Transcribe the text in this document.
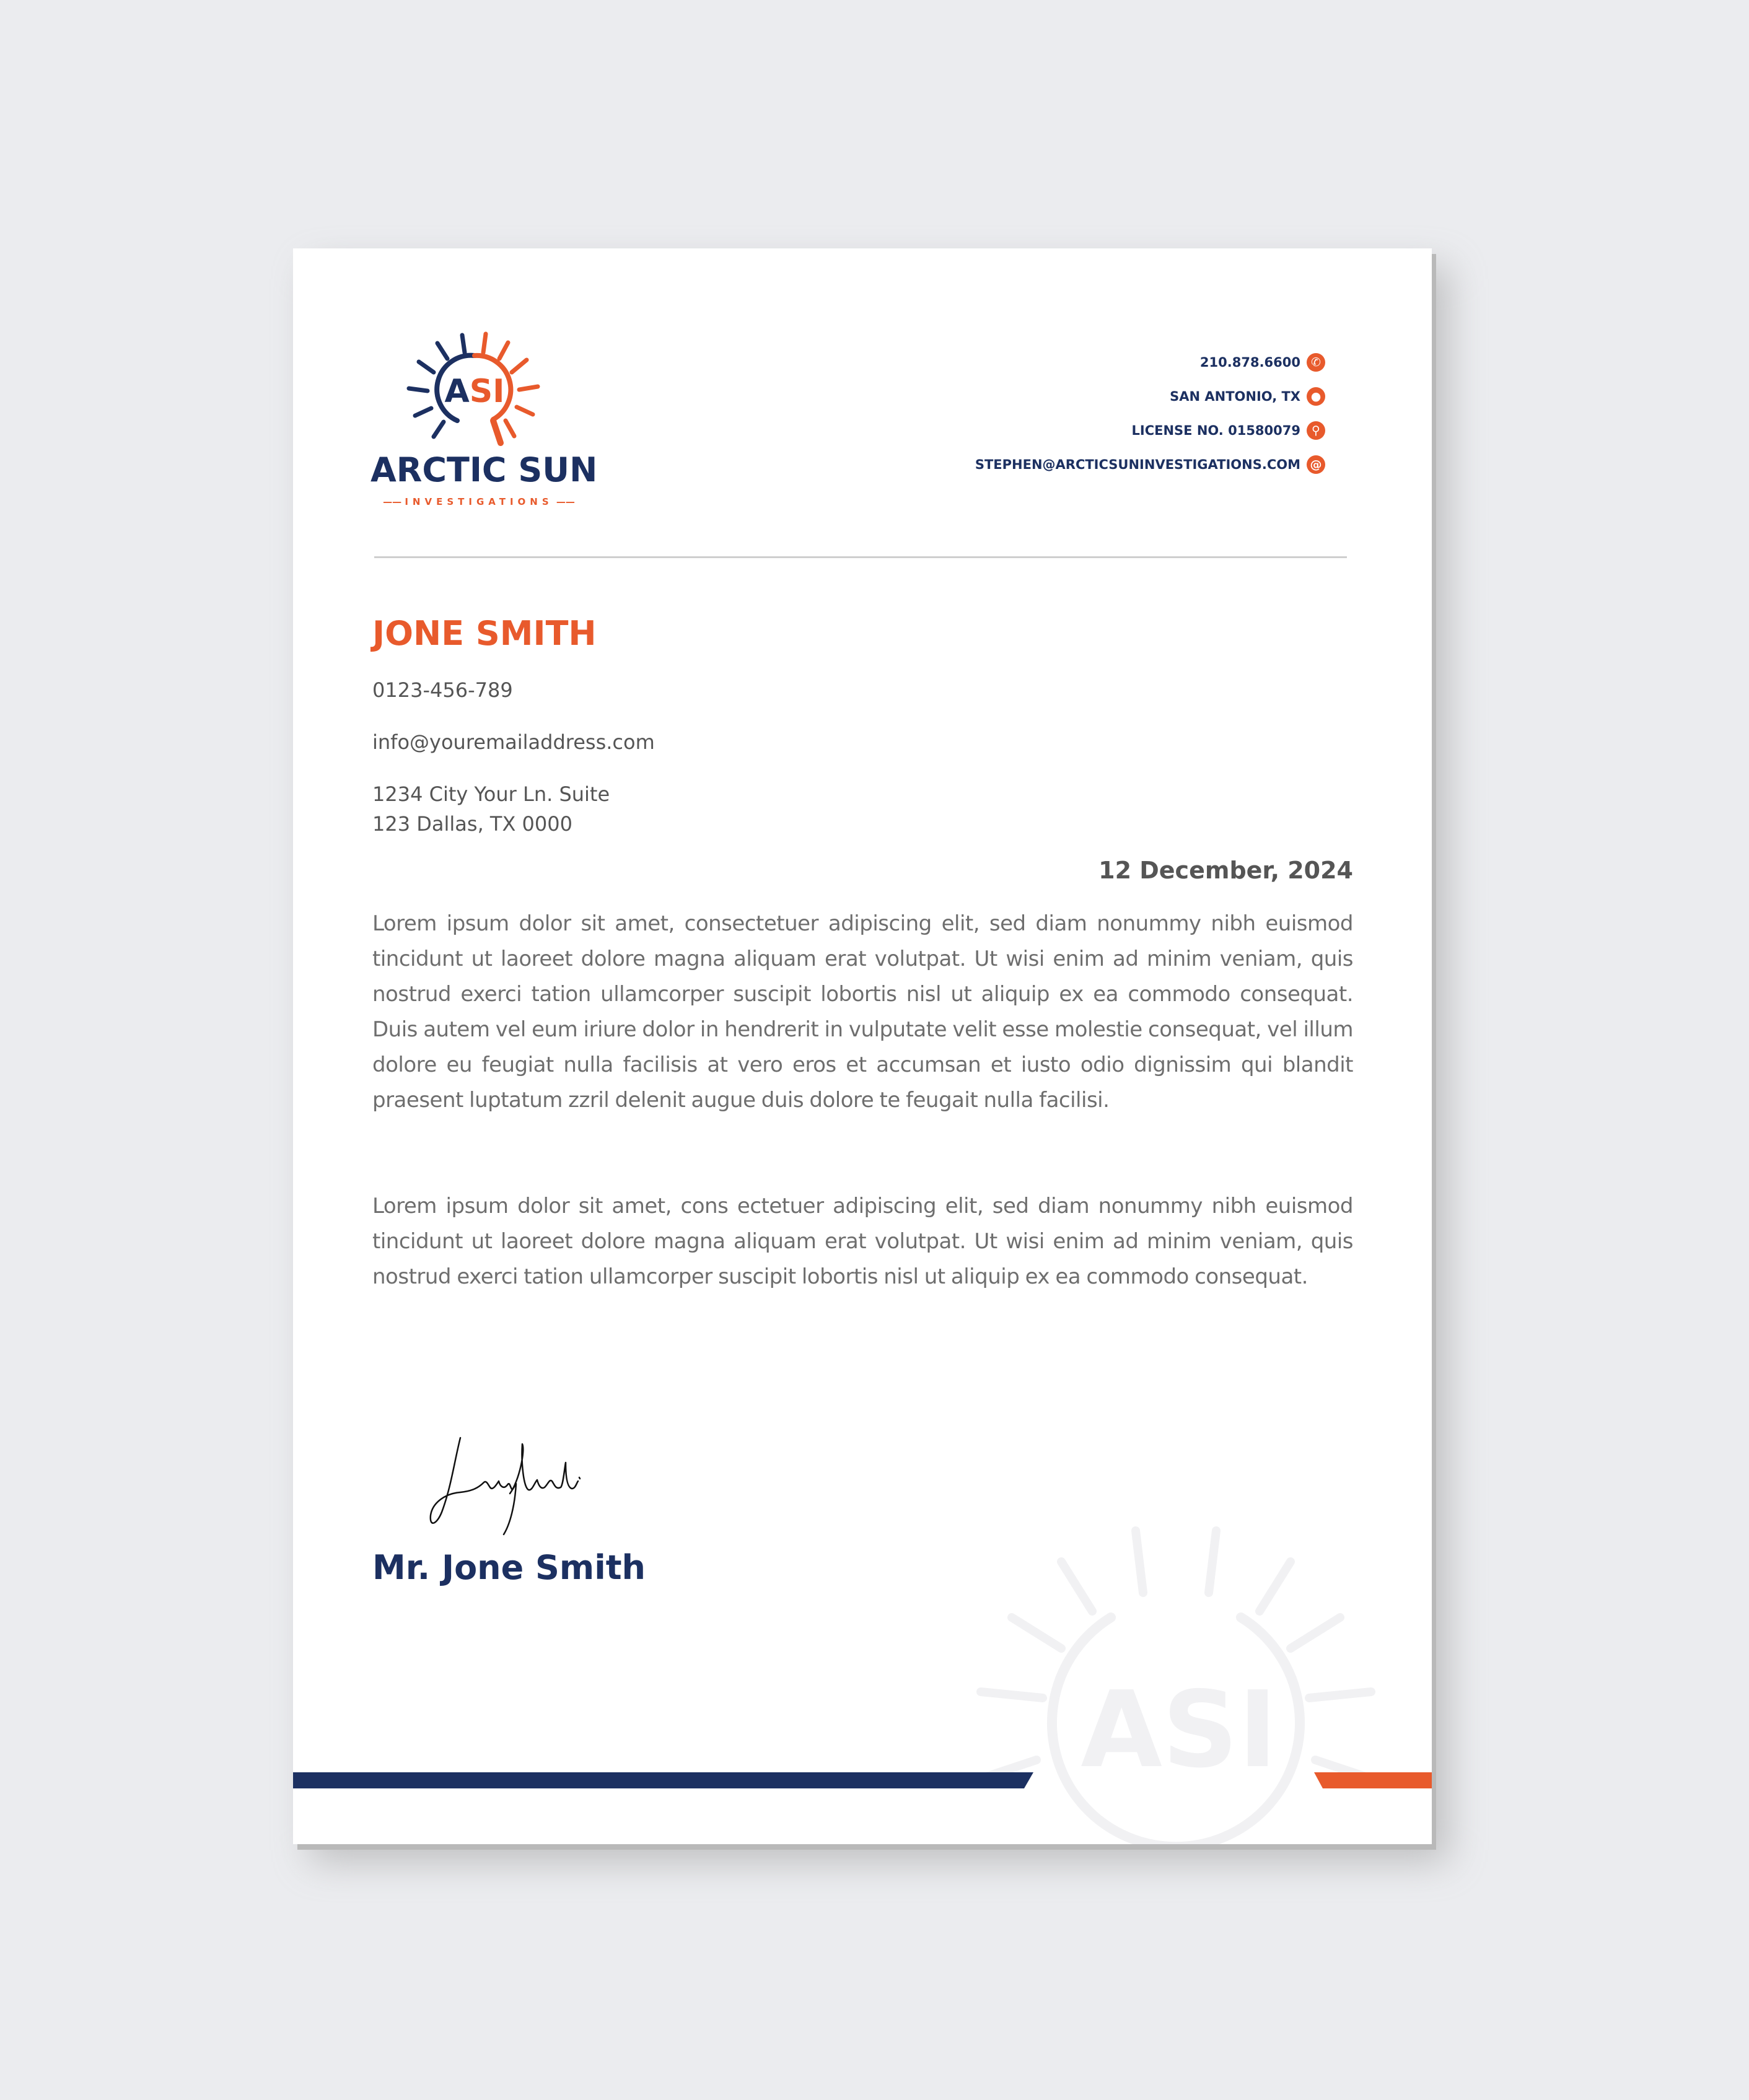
ASI
ARCTIC SUN
—— INVESTIGATIONS ——
210.878.6600 ✆
SAN ANTONIO, TX ●
LICENSE NO. 01580079 ⚲
STEPHEN@ARCTICSUNINVESTIGATIONS.COM @
JONE SMITH
0123-456-789
info@youremailaddress.com
1234 City Your Ln. Suite
123 Dallas, TX 0000
12 December, 2024

Lorem ipsum dolor sit amet, consectetuer adipiscing elit, sed diam nonummy nibh euismod tincidunt ut laoreet dolore magna aliquam erat volutpat. Ut wisi enim ad minim veniam, quis nostrud exerci tation ullamcorper suscipit lobortis nisl ut aliquip ex ea commodo consequat. Duis autem vel eum iriure dolor in hendrerit in vulputate velit esse molestie consequat, vel illum dolore eu feugiat nulla facilisis at vero eros et accumsan et iusto odio dignissim qui blandit praesent luptatum zzril delenit augue duis dolore te feugait nulla facilisi.

Lorem ipsum dolor sit amet, cons ectetuer adipiscing elit, sed diam nonummy nibh euismod tincidunt ut laoreet dolore magna aliquam erat volutpat. Ut wisi enim ad minim veniam, quis nostrud exerci tation ullamcorper suscipit lobortis nisl ut aliquip ex ea commodo consequat.

Mr. Jone Smith
ASI
